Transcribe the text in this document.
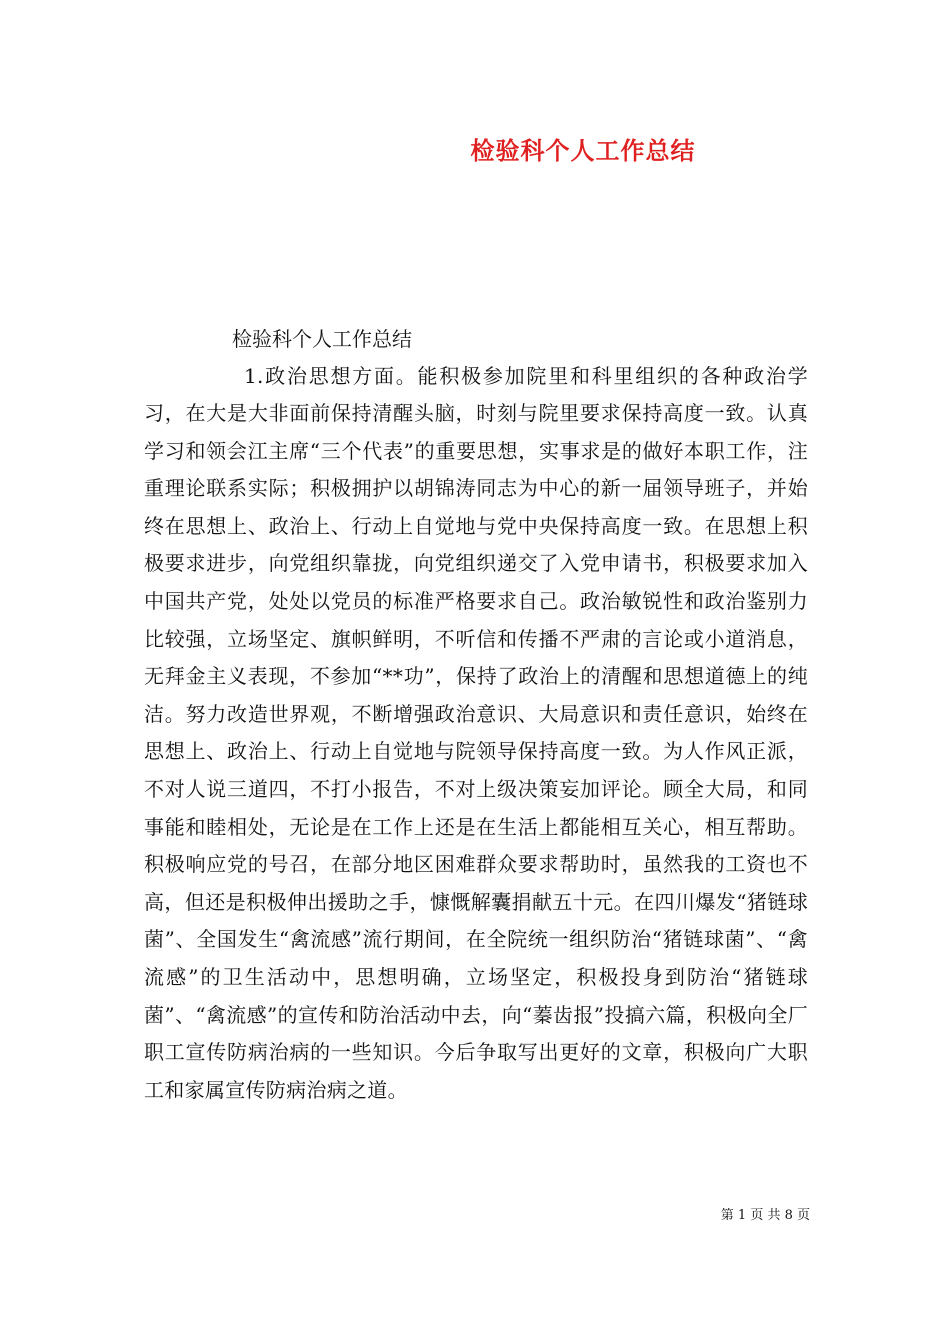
检验科个人工作总结
检验科个人工作总结

1.政治思想方面。能积极参加院里和科里组织的各种政治学习，在大是大非面前保持清醒头脑，时刻与院里要求保持高度一致。认真学习和领会江主席“三个代表”的重要思想，实事求是的做好本职工作，注重理论联系实际；积极拥护以胡锦涛同志为中心的新一届领导班子，并始终在思想上、政治上、行动上自觉地与党中央保持高度一致。在思想上积极要求进步，向党组织靠拢，向党组织递交了入党申请书，积极要求加入中国共产党，处处以党员的标准严格要求自己。政治敏锐性和政治鉴别力比较强，立场坚定、旗帜鲜明，不听信和传播不严肃的言论或小道消息，无拜金主义表现，不参加“**功”，保持了政治上的清醒和思想道德上的纯洁。努力改造世界观，不断增强政治意识、大局意识和责任意识，始终在思想上、政治上、行动上自觉地与院领导保持高度一致。为人作风正派，不对人说三道四，不打小报告，不对上级决策妄加评论。顾全大局，和同事能和睦相处，无论是在工作上还是在生活上都能相互关心，相互帮助。积极响应党的号召，在部分地区困难群众要求帮助时，虽然我的工资也不高，但还是积极伸出援助之手，慷慨解囊捐献五十元。在四川爆发“猪链球菌”、全国发生“禽流感”流行期间，在全院统一组织防治“猪链球菌”、“禽流感”的卫生活动中，思想明确，立场坚定，积极投身到防治“猪链球菌”、“禽流感”的宣传和防治活动中去，向“蓁齿报”投搞六篇，积极向全厂职工宣传防病治病的一些知识。今后争取写出更好的文章，积极向广大职工和家属宣传防病治病之道。

第 1 页 共 8 页
